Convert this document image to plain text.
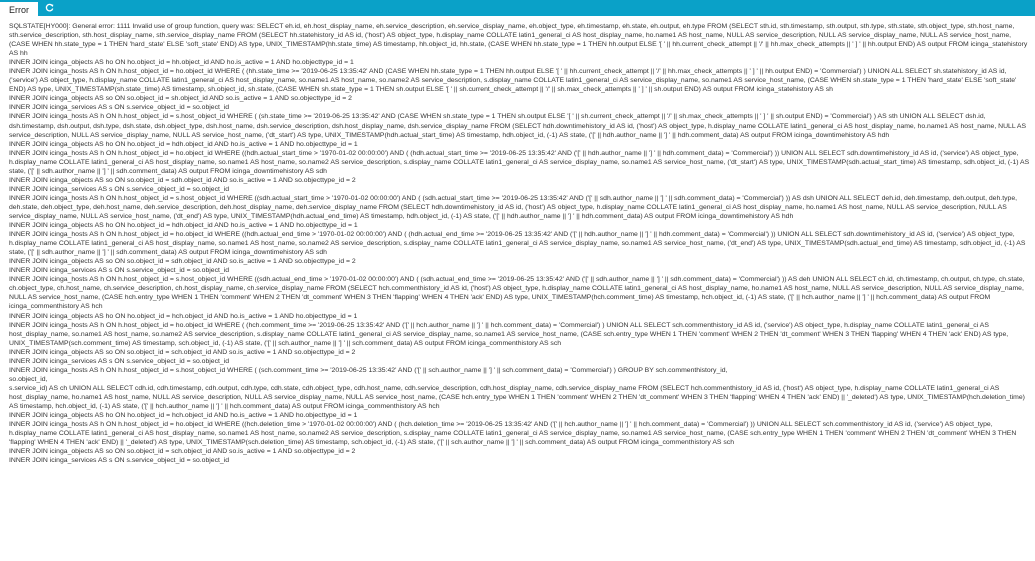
Error
SQLSTATE[HY000]: General error: 1111 Invalid use of group function, query was: SELECT eh.id, eh.host_display_name, eh.service_description, eh.service_display_name, eh.object_type, eh.timestamp, eh.state, eh.output, eh.type FROM (SELECT sth.id, sth.timestamp, sth.output, sth.type, sth.state, sth.object_type, sth.host_name, sth.service_description, sth.host_display_name, sth.service_display_name FROM (SELECT hh.statehistory_id AS id, ('host') AS object_type, h.display_name COLLATE latin1_general_ci AS host_display_name, ho.name1 AS host_name, NULL AS service_description, NULL AS service_display_name, NULL AS service_host_name, (CASE WHEN hh.state_type = 1 THEN 'hard_state' ELSE 'soft_state' END) AS type, UNIX_TIMESTAMP(hh.state_time) AS timestamp, hh.object_id, hh.state, (CASE WHEN hh.state_type = 1 THEN hh.output ELSE '[ ' || hh.current_check_attempt || '/' || hh.max_check_attempts || ' ] ' || hh.output END) AS output FROM icinga_statehistory AS hh
INNER JOIN icinga_objects AS ho ON ho.object_id = hh.object_id AND ho.is_active = 1 AND ho.objecttype_id = 1
INNER JOIN icinga_hosts AS h ON h.host_object_id = ho.object_id WHERE ( (hh.state_time >= '2019-06-25 13:35:42' AND (CASE WHEN hh.state_type = 1 THEN hh.output ELSE '[ ' || hh.current_check_attempt || '/' || hh.max_check_attempts || ' ] ' || hh.output END) = 'Commercial') ) UNION ALL SELECT sh.statehistory_id AS id, ('service') AS object_type, h.display_name COLLATE latin1_general_ci AS host_display_name, so.name1 AS host_name, so.name2 AS service_description, s.display_name COLLATE latin1_general_ci AS service_display_name, so.name1 AS service_host_name, (CASE WHEN sh.state_type = 1 THEN 'hard_state' ELSE 'soft_state' END) AS type, UNIX_TIMESTAMP(sh.state_time) AS timestamp, sh.object_id, sh.state, (CASE WHEN sh.state_type = 1 THEN sh.output ELSE '[ ' || sh.current_check_attempt || '/' || sh.max_check_attempts || ' ] ' || sh.output END) AS output FROM icinga_statehistory AS sh
INNER JOIN icinga_objects AS so ON so.object_id = sh.object_id AND so.is_active = 1 AND so.objecttype_id = 2
INNER JOIN icinga_services AS s ON s.service_object_id = so.object_id
INNER JOIN icinga_hosts AS h ON h.host_object_id = s.host_object_id WHERE ( (sh.state_time >= '2019-06-25 13:35:42' AND (CASE WHEN sh.state_type = 1 THEN sh.output ELSE '[ ' || sh.current_check_attempt || '/' || sh.max_check_attempts || ' ] ' || sh.output END) = 'Commercial') ) AS sth UNION ALL SELECT dsh.id, dsh.timestamp, dsh.output, dsh.type, dsh.state, dsh.object_type, dsh.host_name, dsh.service_description, dsh.host_display_name, dsh.service_display_name FROM (SELECT hdh.downtimehistory_id AS id, ('host') AS object_type, h.display_name COLLATE latin1_general_ci AS host_display_name, ho.name1 AS host_name, NULL AS service_description, NULL AS service_display_name, NULL AS service_host_name, ('dt_start') AS type, UNIX_TIMESTAMP(hdh.actual_start_time) AS timestamp, hdh.object_id, (-1) AS state, ('[' || hdh.author_name || '] ' || hdh.comment_data) AS output FROM icinga_downtimehistory AS hdh
INNER JOIN icinga_objects AS ho ON ho.object_id = hdh.object_id AND ho.is_active = 1 AND ho.objecttype_id = 1
INNER JOIN icinga_hosts AS h ON h.host_object_id = ho.object_id WHERE ((hdh.actual_start_time > '1970-01-02 00:00:00') AND ( (hdh.actual_start_time >= '2019-06-25 13:35:42' AND ('[' || hdh.author_name || '] ' || hdh.comment_data) = 'Commercial') )) UNION ALL SELECT sdh.downtimehistory_id AS id, ('service') AS object_type, h.display_name COLLATE latin1_general_ci AS host_display_name, so.name1 AS host_name, so.name2 AS service_description, s.display_name COLLATE latin1_general_ci AS service_display_name, so.name1 AS service_host_name, ('dt_start') AS type, UNIX_TIMESTAMP(sdh.actual_start_time) AS timestamp, sdh.object_id, (-1) AS state, ('[' || sdh.author_name || '] ' || sdh.comment_data) AS output FROM icinga_downtimehistory AS sdh
INNER JOIN icinga_objects AS so ON so.object_id = sdh.object_id AND so.is_active = 1 AND so.objecttype_id = 2
INNER JOIN icinga_services AS s ON s.service_object_id = so.object_id
INNER JOIN icinga_hosts AS h ON h.host_object_id = s.host_object_id WHERE ((sdh.actual_start_time > '1970-01-02 00:00:00') AND ( (sdh.actual_start_time >= '2019-06-25 13:35:42' AND ('[' || sdh.author_name || '] ' || sdh.comment_data) = 'Commercial') )) AS dsh UNION ALL SELECT deh.id, deh.timestamp, deh.output, deh.type, deh.state, deh.object_type, deh.host_name, deh.service_description, deh.host_display_name, deh.service_display_name FROM (SELECT hdh.downtimehistory_id AS id, ('host') AS object_type, h.display_name COLLATE latin1_general_ci AS host_display_name, ho.name1 AS host_name, NULL AS service_description, NULL AS service_display_name, NULL AS service_host_name, ('dt_end') AS type, UNIX_TIMESTAMP(hdh.actual_end_time) AS timestamp, hdh.object_id, (-1) AS state, ('[' || hdh.author_name || '] ' || hdh.comment_data) AS output FROM icinga_downtimehistory AS hdh
INNER JOIN icinga_objects AS ho ON ho.object_id = hdh.object_id AND ho.is_active = 1 AND ho.objecttype_id = 1
INNER JOIN icinga_hosts AS h ON h.host_object_id = ho.object_id WHERE ((hdh.actual_end_time > '1970-01-02 00:00:00') AND ( (hdh.actual_end_time >= '2019-06-25 13:35:42' AND ('[' || hdh.author_name || '] ' || hdh.comment_data) = 'Commercial') )) UNION ALL SELECT sdh.downtimehistory_id AS id, ('service') AS object_type, h.display_name COLLATE latin1_general_ci AS host_display_name, so.name1 AS host_name, so.name2 AS service_description, s.display_name COLLATE latin1_general_ci AS service_display_name, so.name1 AS service_host_name, ('dt_end') AS type, UNIX_TIMESTAMP(sdh.actual_end_time) AS timestamp, sdh.object_id, (-1) AS state, ('[' || sdh.author_name || '] ' || sdh.comment_data) AS output FROM icinga_downtimehistory AS sdh
INNER JOIN icinga_objects AS so ON so.object_id = sdh.object_id AND so.is_active = 1 AND so.objecttype_id = 2
INNER JOIN icinga_services AS s ON s.service_object_id = so.object_id
INNER JOIN icinga_hosts AS h ON h.host_object_id = s.host_object_id WHERE ((sdh.actual_end_time > '1970-01-02 00:00:00') AND ( (sdh.actual_end_time >= '2019-06-25 13:35:42' AND ('[' || sdh.author_name || '] ' || sdh.comment_data) = 'Commercial') )) AS deh UNION ALL SELECT ch.id, ch.timestamp, ch.output, ch.type, ch.state, ch.object_type, ch.host_name, ch.service_description, ch.host_display_name, ch.service_display_name FROM (SELECT hch.commenthistory_id AS id, ('host') AS object_type, h.display_name COLLATE latin1_general_ci AS host_display_name, ho.name1 AS host_name, NULL AS service_description, NULL AS service_display_name, NULL AS service_host_name, (CASE hch.entry_type WHEN 1 THEN 'comment' WHEN 2 THEN 'dt_comment' WHEN 3 THEN 'flapping' WHEN 4 THEN 'ack' END) AS type, UNIX_TIMESTAMP(hch.comment_time) AS timestamp, hch.object_id, (-1) AS state, ('[' || hch.author_name || '] ' || hch.comment_data) AS output FROM icinga_commenthistory AS hch
INNER JOIN icinga_objects AS ho ON ho.object_id = hch.object_id AND ho.is_active = 1 AND ho.objecttype_id = 1
INNER JOIN icinga_hosts AS h ON h.host_object_id = ho.object_id WHERE ( (hch.comment_time >= '2019-06-25 13:35:42' AND ('[' || hch.author_name || '] ' || hch.comment_data) = 'Commercial') ) UNION ALL SELECT sch.commenthistory_id AS id, ('service') AS object_type, h.display_name COLLATE latin1_general_ci AS host_display_name, so.name1 AS host_name, so.name2 AS service_description, s.display_name COLLATE latin1_general_ci AS service_display_name, so.name1 AS service_host_name, (CASE sch.entry_type WHEN 1 THEN 'comment' WHEN 2 THEN 'dt_comment' WHEN 3 THEN 'flapping' WHEN 4 THEN 'ack' END) AS type, UNIX_TIMESTAMP(sch.comment_time) AS timestamp, sch.object_id, (-1) AS state, ('[' || sch.author_name || '] ' || sch.comment_data) AS output FROM icinga_commenthistory AS sch
INNER JOIN icinga_objects AS so ON so.object_id = sch.object_id AND so.is_active = 1 AND so.objecttype_id = 2
INNER JOIN icinga_services AS s ON s.service_object_id = so.object_id
INNER JOIN icinga_hosts AS h ON h.host_object_id = s.host_object_id WHERE ( (sch.comment_time >= '2019-06-25 13:35:42' AND ('[' || sch.author_name || '] ' || sch.comment_data) = 'Commercial') ) GROUP BY sch.commenthistory_id,
so.object_id,
s.service_id) AS ch UNION ALL SELECT cdh.id, cdh.timestamp, cdh.output, cdh.type, cdh.state, cdh.object_type, cdh.host_name, cdh.service_description, cdh.host_display_name, cdh.service_display_name FROM (SELECT hch.commenthistory_id AS id, ('host') AS object_type, h.display_name COLLATE latin1_general_ci AS host_display_name, ho.name1 AS host_name, NULL AS service_description, NULL AS service_display_name, NULL AS service_host_name, (CASE hch.entry_type WHEN 1 THEN 'comment' WHEN 2 THEN 'dt_comment' WHEN 3 THEN 'flapping' WHEN 4 THEN 'ack' END) || '_deleted') AS type, UNIX_TIMESTAMP(hch.deletion_time) AS timestamp, hch.object_id, (-1) AS state, ('[' || hch.author_name || '] ' || hch.comment_data) AS output FROM icinga_commenthistory AS hch
INNER JOIN icinga_objects AS ho ON ho.object_id = hch.object_id AND ho.is_active = 1 AND ho.objecttype_id = 1
INNER JOIN icinga_hosts AS h ON h.host_object_id = ho.object_id WHERE ((hch.deletion_time > '1970-01-02 00:00:00') AND ( (hch.deletion_time >= '2019-06-25 13:35:42' AND ('[' || hch.author_name || '] ' || hch.comment_data) = 'Commercial') )) UNION ALL SELECT sch.commenthistory_id AS id, ('service') AS object_type, h.display_name COLLATE latin1_general_ci AS host_display_name, so.name1 AS host_name, so.name2 AS service_description, s.display_name COLLATE latin1_general_ci AS service_display_name, so.name1 AS service_host_name, (CASE sch.entry_type WHEN 1 THEN 'comment' WHEN 2 THEN 'dt_comment' WHEN 3 THEN 'flapping' WHEN 4 THEN 'ack' END) || '_deleted') AS type, UNIX_TIMESTAMP(sch.deletion_time) AS timestamp, sch.object_id, (-1) AS state, ('[' || sch.author_name || '] ' || sch.comment_data) AS output FROM icinga_commenthistory AS sch
INNER JOIN icinga_objects AS so ON so.object_id = sch.object_id AND so.is_active = 1 AND so.objecttype_id = 2
INNER JOIN icinga_services AS s ON s.service_object_id = so.object_id
